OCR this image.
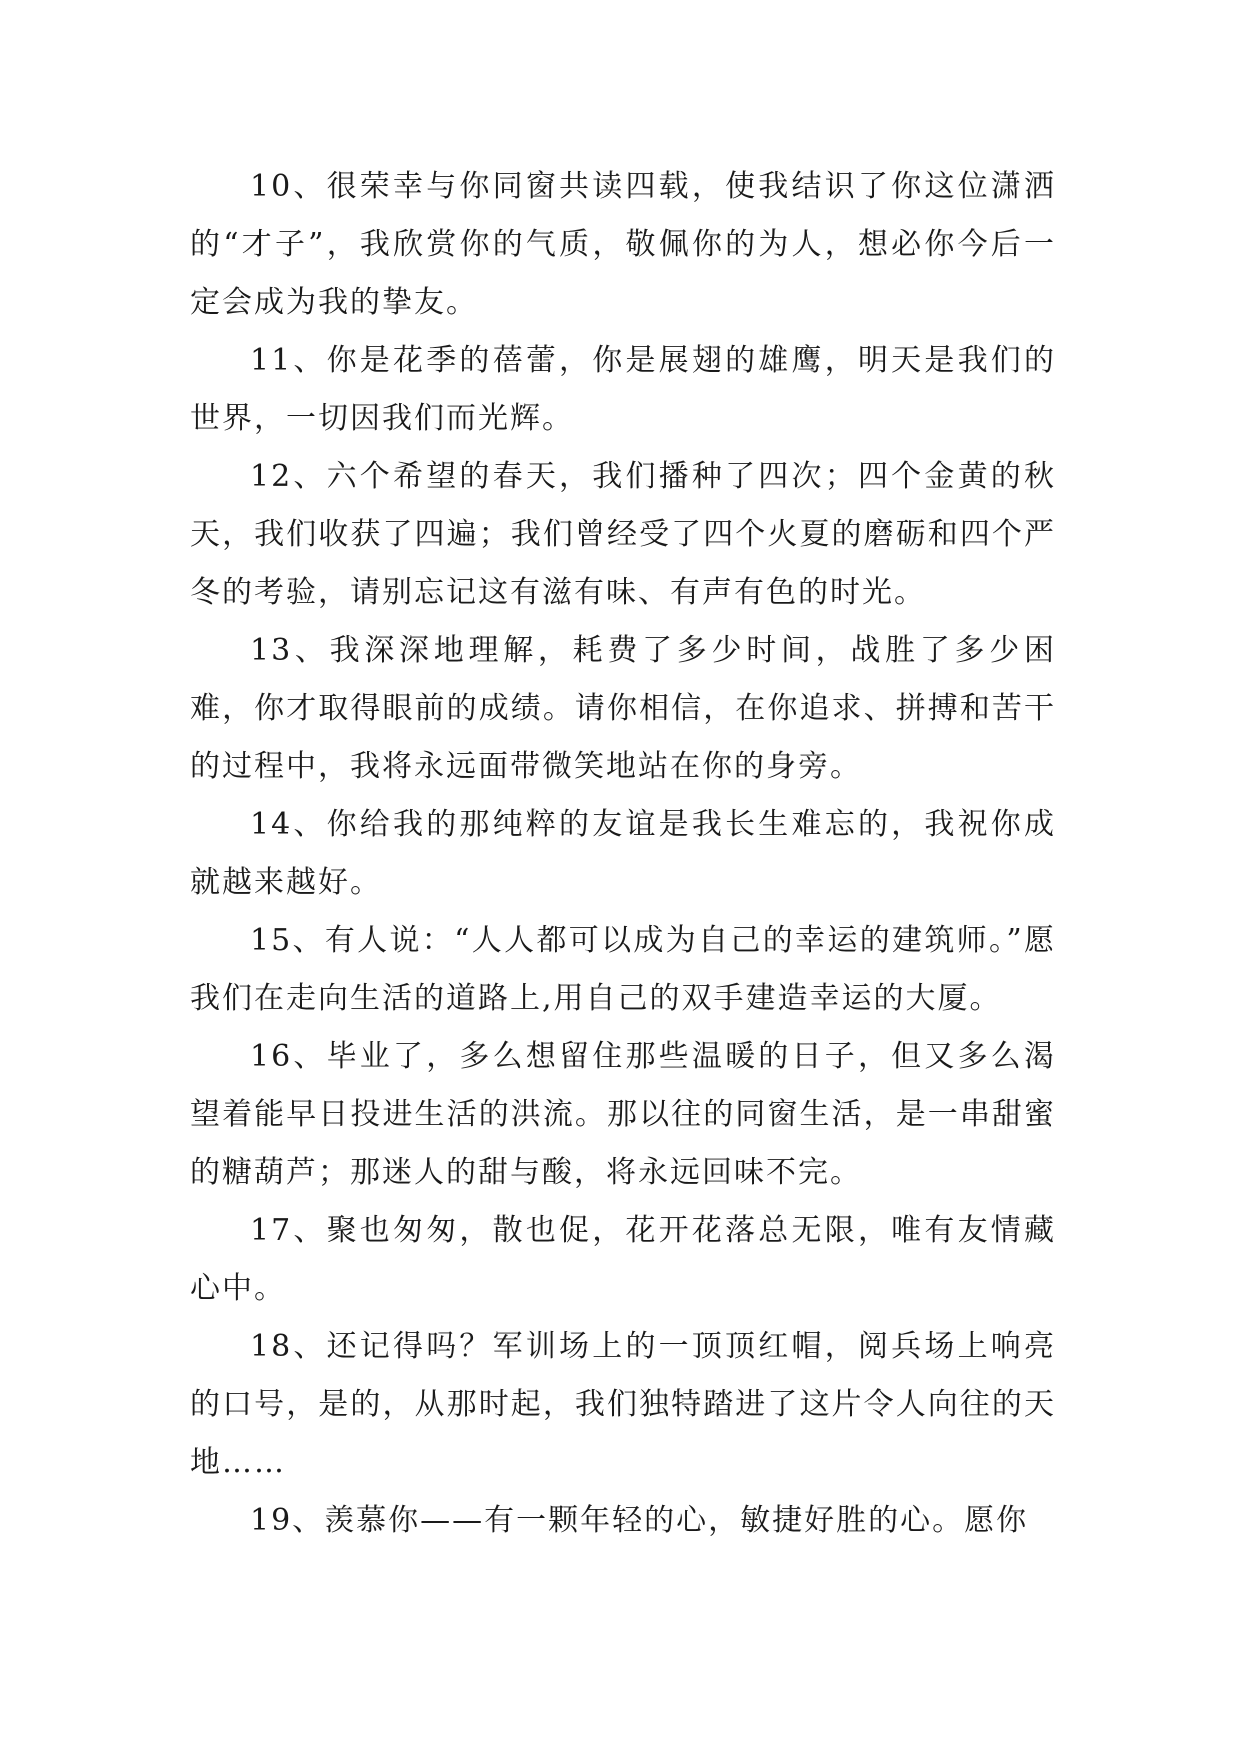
10、很荣幸与你同窗共读四载，使我结识了你这位潇洒的“才子”，我欣赏你的气质，敬佩你的为人，想必你今后一定会成为我的挚友。

11、你是花季的蓓蕾，你是展翅的雄鹰，明天是我们的世界，一切因我们而光辉。

12、六个希望的春天，我们播种了四次；四个金黄的秋天，我们收获了四遍；我们曾经受了四个火夏的磨砺和四个严冬的考验，请别忘记这有滋有味、有声有色的时光。

13、我深深地理解，耗费了多少时间，战胜了多少困难，你才取得眼前的成绩。请你相信，在你追求、拼搏和苦干的过程中，我将永远面带微笑地站在你的身旁。

14、你给我的那纯粹的友谊是我长生难忘的，我祝你成就越来越好。

15、有人说：“人人都可以成为自己的幸运的建筑师。”愿我们在走向生活的道路上,用自己的双手建造幸运的大厦。

16、毕业了，多么想留住那些温暖的日子，但又多么渴望着能早日投进生活的洪流。那以往的同窗生活，是一串甜蜜的糖葫芦；那迷人的甜与酸，将永远回味不完。

17、聚也匆匆，散也促，花开花落总无限，唯有友情藏心中。

18、还记得吗？军训场上的一顶顶红帽，阅兵场上响亮的口号，是的，从那时起，我们独特踏进了这片令人向往的天地……

19、羡慕你——有一颗年轻的心，敏捷好胜的心。愿你
